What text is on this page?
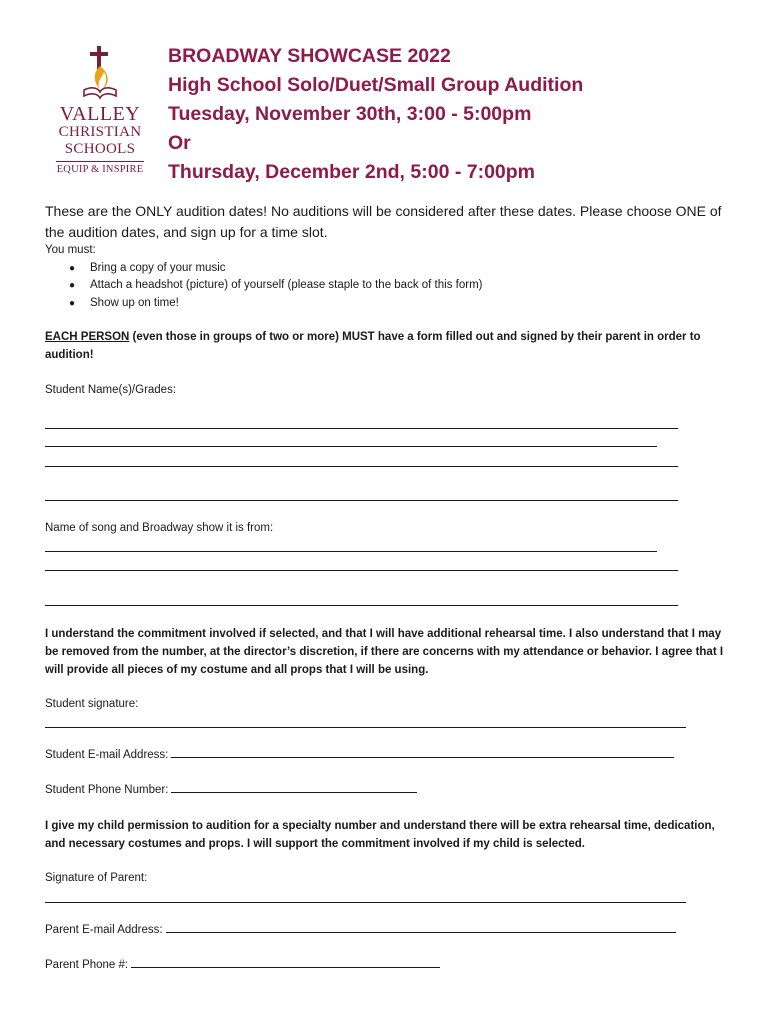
VALLEY
CHRISTIAN
SCHOOLS
EQUIP & INSPIRE
BROADWAY SHOWCASE 2022
High School Solo/Duet/Small Group Audition
Tuesday, November 30th, 3:00 - 5:00pm
Or
Thursday, December 2nd, 5:00 - 7:00pm
These are the ONLY audition dates! No auditions will be considered after these dates. Please choose ONE of the audition dates, and sign up for a time slot.
You must:
● Bring a copy of your music
● Attach a headshot (picture) of yourself (please staple to the back of this form)
● Show up on time!
EACH PERSON (even those in groups of two or more) MUST have a form filled out and signed by their parent in order to audition!
Student Name(s)/Grades:
Name of song and Broadway show it is from:
I understand the commitment involved if selected, and that I will have additional rehearsal time. I also understand that I may be removed from the number, at the director’s discretion, if there are concerns with my attendance or behavior. I agree that I will provide all pieces of my costume and all props that I will be using.
Student signature:
Student E-mail Address:
Student Phone Number:
I give my child permission to audition for a specialty number and understand there will be extra rehearsal time, dedication, and necessary costumes and props. I will support the commitment involved if my child is selected.
Signature of Parent:
Parent E-mail Address:
Parent Phone #:
